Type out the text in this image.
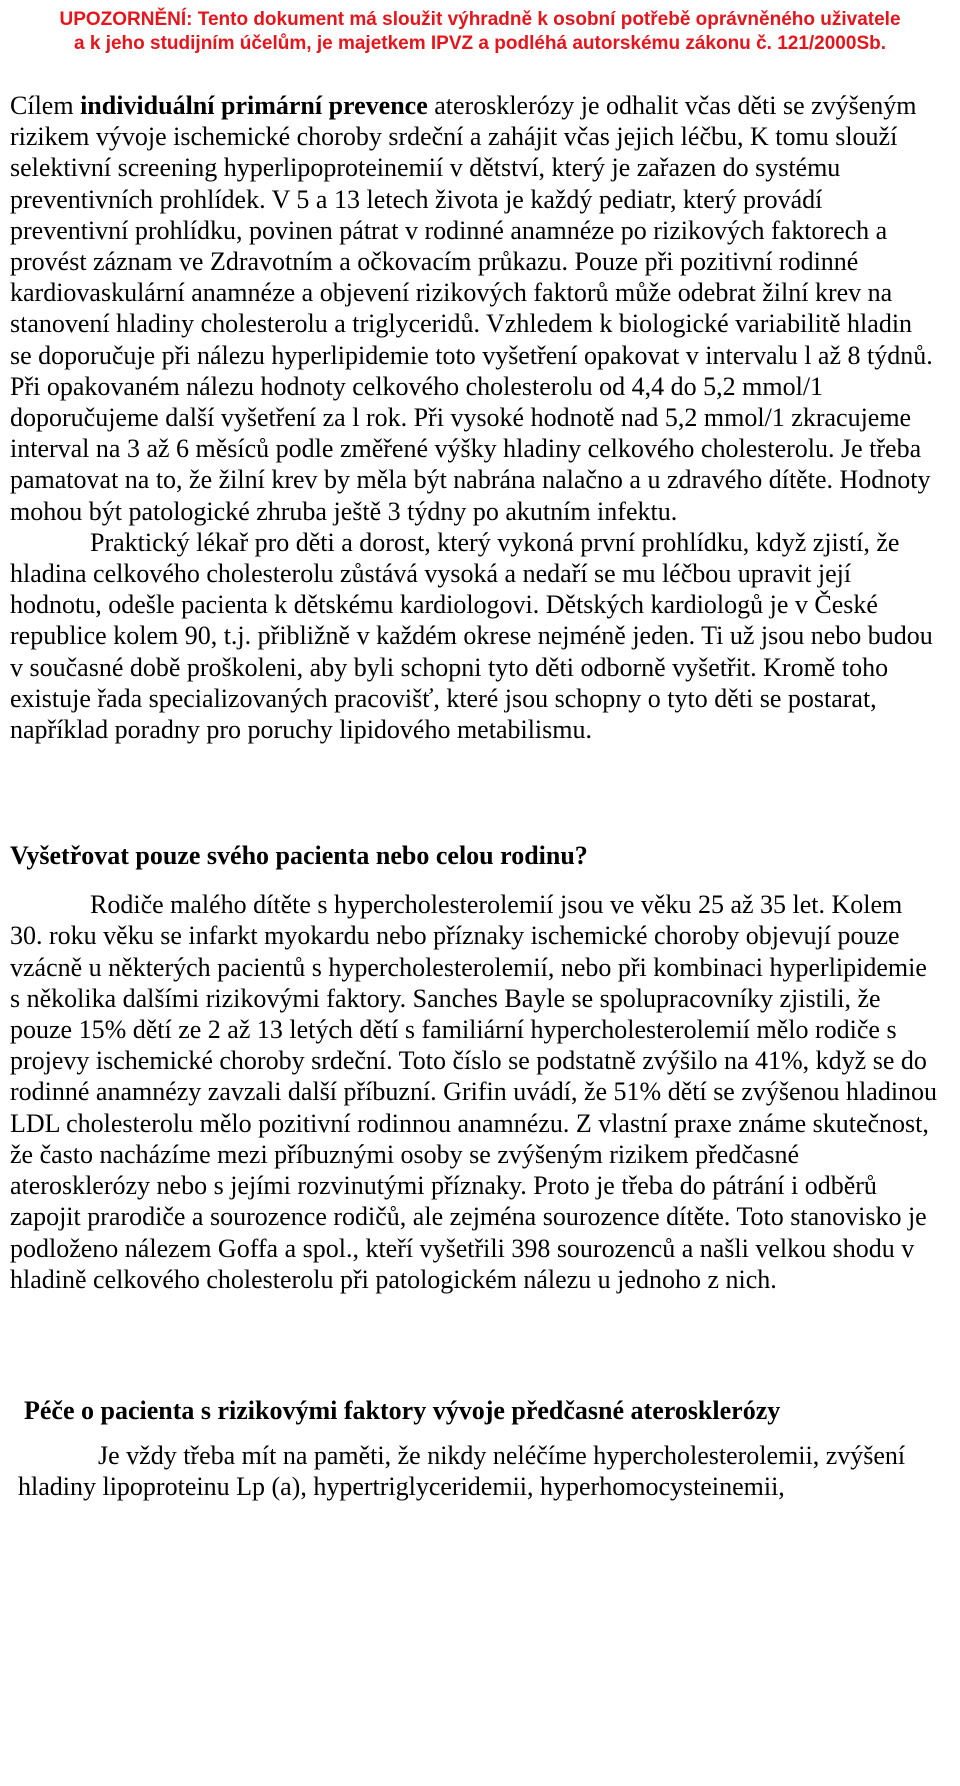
UPOZORNĚNÍ: Tento dokument má sloužit výhradně k osobní potřebě oprávněného uživatele
a k jeho studijním účelům, je majetkem IPVZ a podléhá autorskému zákonu č. 121/2000Sb.

Cílem individuální primární prevence aterosklerózy je odhalit včas děti se zvýšeným rizikem vývoje ischemické choroby srdeční a zahájit včas jejich léčbu, K tomu slouží selektivní screening hyperlipoproteinemií v dětství, který je zařazen do systému preventivních prohlídek. V 5 a 13 letech života je každý pediatr, který provádí preventivní prohlídku, povinen pátrat v rodinné anamnéze po rizikových faktorech a provést záznam ve Zdravotním a očkovacím průkazu. Pouze při pozitivní rodinné kardiovaskulární anamnéze a objevení rizikových faktorů může odebrat žilní krev na stanovení hladiny cholesterolu a triglyceridů. Vzhledem k biologické variabilitě hladin se doporučuje při nálezu hyperlipidemie toto vyšetření opakovat v intervalu l až 8 týdnů. Při opakovaném nálezu hodnoty celkového cholesterolu od 4,4 do 5,2 mmol/1 doporučujeme další vyšetření za l rok. Při vysoké hodnotě nad 5,2 mmol/1 zkracujeme interval na 3 až 6 měsíců podle změřené výšky hladiny celkového cholesterolu. Je třeba pamatovat na to, že žilní krev by měla být nabrána nalačno a u zdravého dítěte. Hodnoty mohou být patologické zhruba ještě 3 týdny po akutním infektu.

Praktický lékař pro děti a dorost, který vykoná první prohlídku, když zjistí, že hladina celkového cholesterolu zůstává vysoká a nedaří se mu léčbou upravit její hodnotu, odešle pacienta k dětskému kardiologovi. Dětských kardiologů je v České republice kolem 90, t.j. přibližně v každém okrese nejméně jeden. Ti už jsou nebo budou v současné době proškoleni, aby byli schopni tyto děti odborně vyšetřit. Kromě toho existuje řada specializovaných pracovišť, které jsou schopny o tyto děti se postarat, například poradny pro poruchy lipidového metabilismu.

Vyšetřovat pouze svého pacienta nebo celou rodinu?

Rodiče malého dítěte s hypercholesterolemií jsou ve věku 25 až 35 let. Kolem 30. roku věku se infarkt myokardu nebo příznaky ischemické choroby objevují pouze vzácně u některých pacientů s hypercholesterolemií, nebo při kombinaci hyperlipidemie s několika dalšími rizikovými faktory. Sanches Bayle se spolupracovníky zjistili, že pouze 15% dětí ze 2 až 13 letých dětí s familiární hypercholesterolemií mělo rodiče s projevy ischemické choroby srdeční. Toto číslo se podstatně zvýšilo na 41%, když se do rodinné anamnézy zavzali další příbuzní. Grifin uvádí, že 51% dětí se zvýšenou hladinou LDL cholesterolu mělo pozitivní rodinnou anamnézu. Z vlastní praxe známe skutečnost, že často nacházíme mezi příbuznými osoby se zvýšeným rizikem předčasné aterosklerózy nebo s jejími rozvinutými příznaky. Proto je třeba do pátrání i odběrů zapojit prarodiče a sourozence rodičů, ale zejména sourozence dítěte. Toto stanovisko je podloženo nálezem Goffa a spol., kteří vyšetřili 398 sourozenců a našli velkou shodu v hladině celkového cholesterolu při patologickém nálezu u jednoho z nich.

Péče o pacienta s rizikovými faktory vývoje předčasné aterosklerózy

Je vždy třeba mít na paměti, že nikdy neléčíme hypercholesterolemii, zvýšení hladiny lipoproteinu Lp (a), hypertriglyceridemii, hyperhomocysteinemii,
